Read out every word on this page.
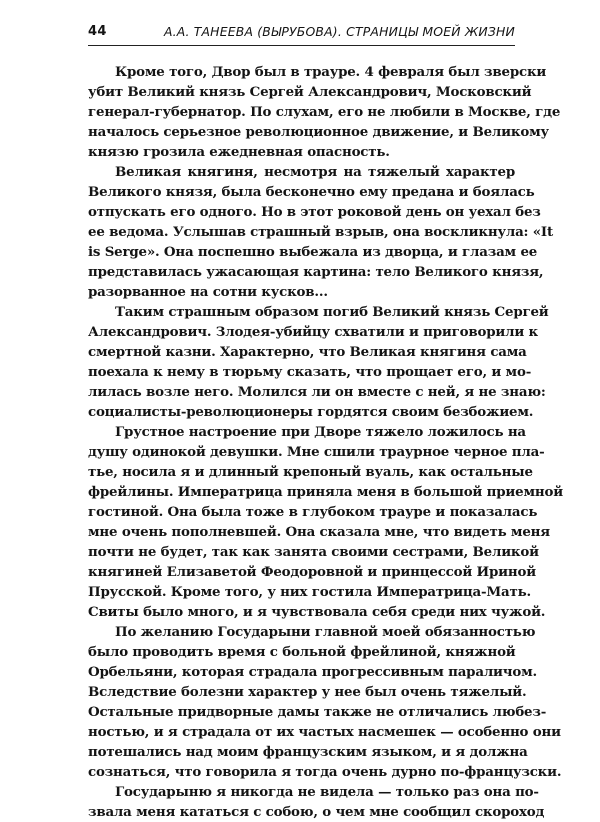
44	А.А. ТАНЕЕВА (ВЫРУБОВА). СТРАНИЦЫ МОЕЙ ЖИЗНИ
Кроме того, Двор был в трауре. 4 февраля был зверски
убит Великий князь Сергей Александрович, Московский
генерал-губернатор. По слухам, его не любили в Москве, где
началось серьезное революционное движение, и Великому
князю грозила ежедневная опасность.
Великая княгиня, несмотря на тяжелый характер
Великого князя, была бесконечно ему предана и боялась
отпускать его одного. Но в этот роковой день он уехал без
ее ведома. Услышав страшный взрыв, она воскликнула: «It
is Serge». Она поспешно выбежала из дворца, и глазам ее
представилась ужасающая картина: тело Великого князя,
разорванное на сотни кусков...
Таким страшным образом погиб Великий князь Сергей
Александрович. Злодея-убийцу схватили и приговорили к
смертной казни. Характерно, что Великая княгиня сама
поехала к нему в тюрьму сказать, что прощает его, и мо-
лилась возле него. Молился ли он вместе с ней, я не знаю:
социалисты-революционеры гордятся своим безбожием.
Грустное настроение при Дворе тяжело ложилось на
душу одинокой девушки. Мне сшили траурное черное пла-
тье, носила я и длинный крепоный вуаль, как остальные
фрейлины. Императрица приняла меня в большой приемной
гостиной. Она была тоже в глубоком трауре и показалась
мне очень пополневшей. Она сказала мне, что видеть меня
почти не будет, так как занята своими сестрами, Великой
княгиней Елизаветой Феодоровной и принцессой Ириной
Прусской. Кроме того, у них гостила Императрица-Мать.
Свиты было много, и я чувствовала себя среди них чужой.
По желанию Государыни главной моей обязанностью
было проводить время с больной фрейлиной, княжной
Орбельяни, которая страдала прогрессивным параличом.
Вследствие болезни характер у нее был очень тяжелый.
Остальные придворные дамы также не отличались любез-
ностью, и я страдала от их частых насмешек — особенно они
потешались над моим французским языком, и я должна
сознаться, что говорила я тогда очень дурно по-французски.
Государыню я никогда не видела — только раз она по-
звала меня кататься с собою, о чем мне сообщил скороход
